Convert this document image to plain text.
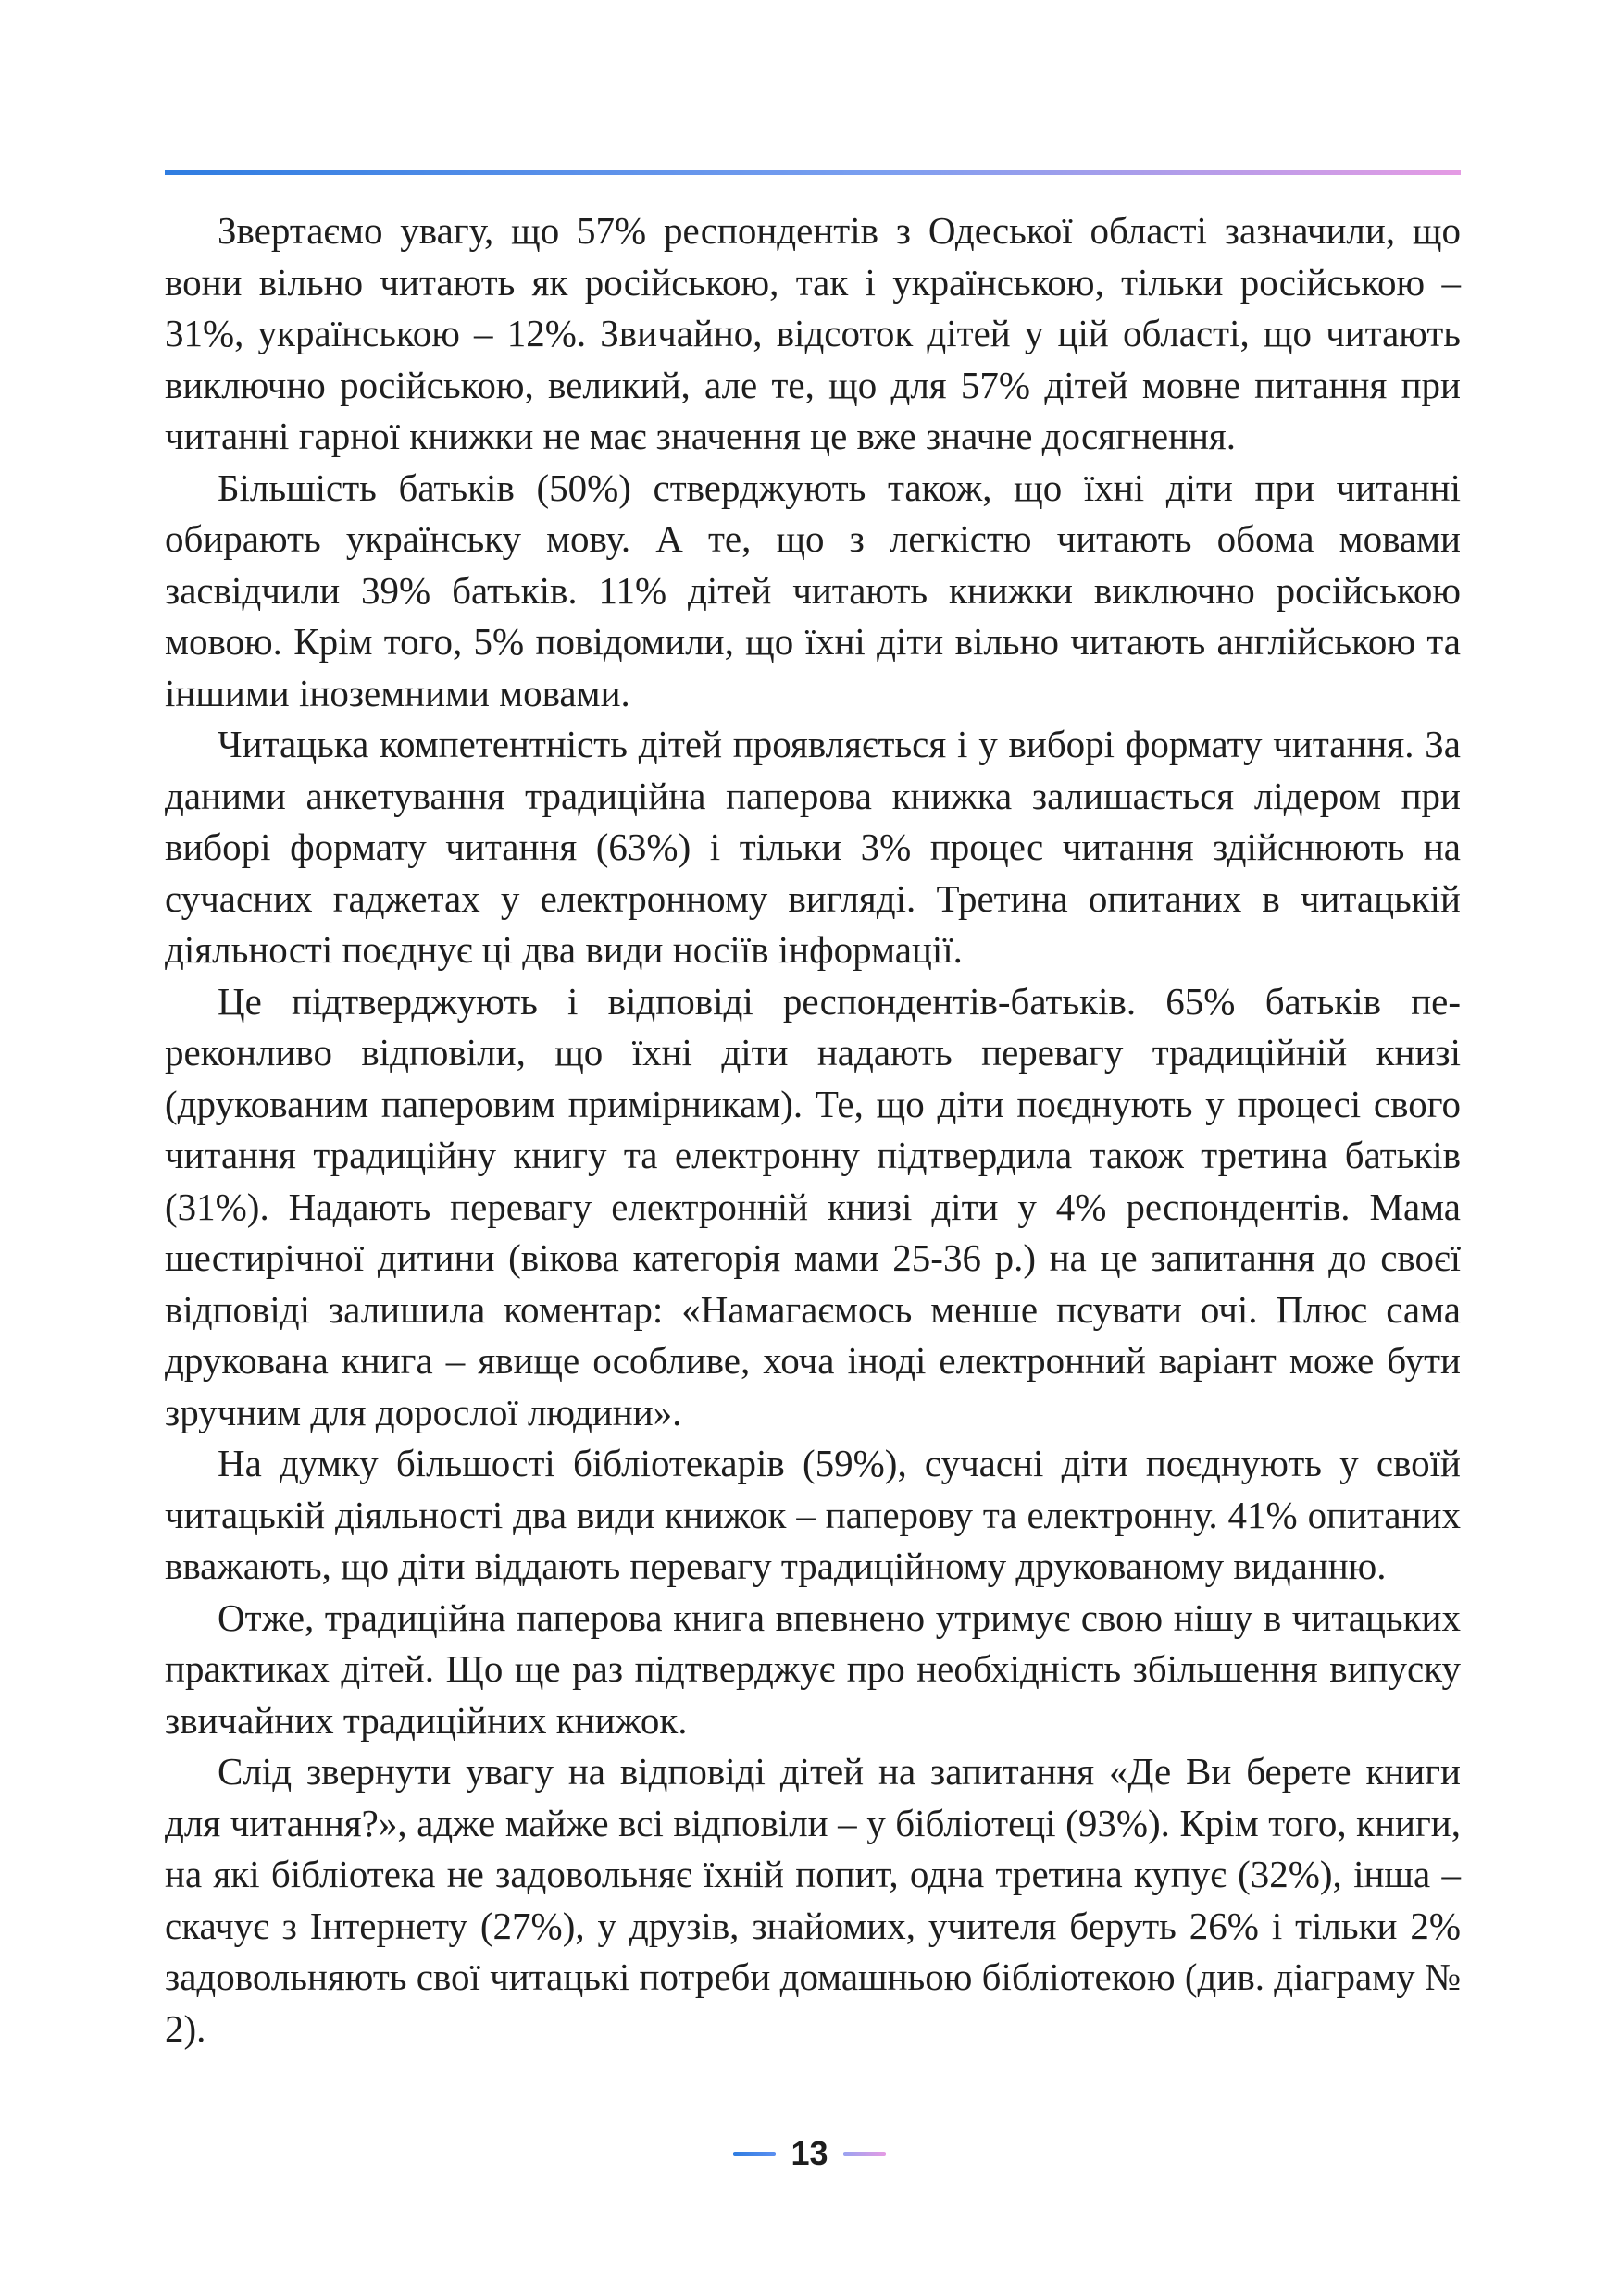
Звертаємо увагу, що 57% респондентів з Одеської області зазначили, що вони вільно читають як російською, так і українською, тільки російською – 31%, українською – 12%. Звичайно, відсоток дітей у цій області, що читають виключно російською, великий, але те, що для 57% дітей мовне питання при читанні гарної книжки не має значення це вже значне досягнення.

Більшість батьків (50%) стверджують також, що їхні діти при читанні обирають українську мову. А те, що з легкістю читають обома мовами засвідчили 39% батьків. 11% дітей читають книжки виключно російською мовою. Крім того, 5% повідомили, що їхні діти вільно читають англійською та іншими іноземними мовами.

Читацька компетентність дітей проявляється і у виборі формату читання. За даними анкетування традиційна паперова книжка залишається лідером при виборі формату читання (63%) і тільки 3% процес читання здійснюють на сучасних гаджетах у електронному вигляді. Третина опитаних в читацькій діяльності поєднує ці два види носіїв інформації.

Це підтверджують і відповіді респондентів-батьків. 65% батьків переконливо відповіли, що їхні діти надають перевагу традиційній книзі (друкованим паперовим примірникам). Те, що діти поєднують у процесі свого читання традиційну книгу та електронну підтвердила також третина батьків (31%). Надають перевагу електронній книзі діти у 4% респондентів. Мама шестирічної дитини (вікова категорія мами 25-36 р.) на це запитання до своєї відповіді залишила коментар: «Намагаємось менше псувати очі. Плюс сама друкована книга – явище особливе, хоча іноді електронний варіант може бути зручним для дорослої людини».

На думку більшості бібліотекарів (59%), сучасні діти поєднують у своїй читацькій діяльності два види книжок – паперову та електронну. 41% опитаних вважають, що діти віддають перевагу традиційному друкованому виданню.

Отже, традиційна паперова книга впевнено утримує свою нішу в читацьких практиках дітей. Що ще раз підтверджує про необхідність збільшення випуску звичайних традиційних книжок.

Слід звернути увагу на відповіді дітей на запитання «Де Ви берете книги для читання?», адже майже всі відповіли – у бібліотеці (93%). Крім того, книги, на які бібліотека не задовольняє їхній попит, одна третина купує (32%), інша – скачує з Інтернету (27%), у друзів, знайомих, учителя беруть 26% і тільки 2% задовольняють свої читацькі потреби домашньою бібліотекою (див. діаграму № 2).

13
